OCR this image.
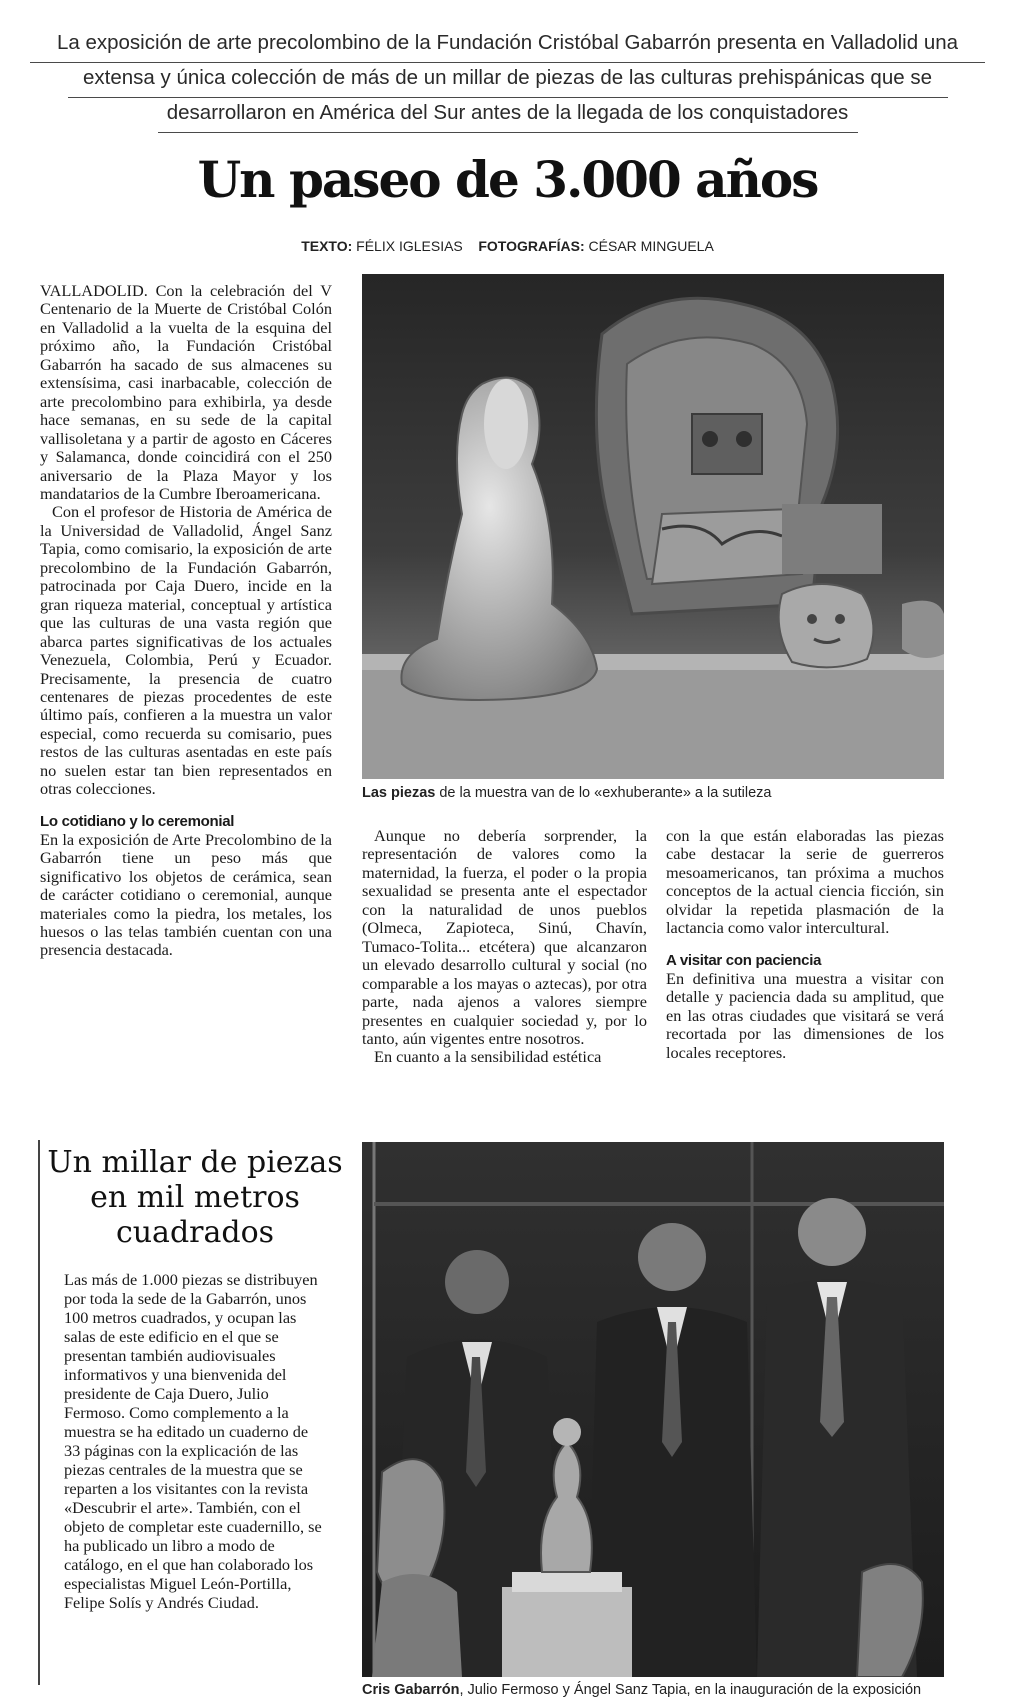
La exposición de arte precolombino de la Fundación Cristóbal Gabarrón presenta en Valladolid una
extensa y única colección de más de un millar de piezas de las culturas prehispánicas que se
desarrollaron en América del Sur antes de la llegada de los conquistadores
Un paseo de 3.000 años
TEXTO: FÉLIX IGLESIAS FOTOGRAFÍAS: CÉSAR MINGUELA

VALLADOLID. Con la celebración del V Centenario de la Muerte de Cristóbal Colón en Valladolid a la vuelta de la esquina del próximo año, la Fundación Cristóbal Gabarrón ha sacado de sus almacenes su extensísima, casi inarbacable, colección de arte precolombino para exhibirla, ya desde hace semanas, en su sede de la capital vallisoletana y a partir de agosto en Cáceres y Salamanca, donde coincidirá con el 250 aniversario de la Plaza Mayor y los mandatarios de la Cumbre Iberoamericana.

Con el profesor de Historia de América de la Universidad de Valladolid, Ángel Sanz Tapia, como comisario, la exposición de arte precolombino de la Fundación Gabarrón, patrocinada por Caja Duero, incide en la gran riqueza material, conceptual y artística que las culturas de una vasta región que abarca partes significativas de los actuales Venezuela, Colombia, Perú y Ecuador. Precisamente, la presencia de cuatro centenares de piezas procedentes de este último país, confieren a la muestra un valor especial, como recuerda su comisario, pues restos de las culturas asentadas en este país no suelen estar tan bien representados en otras colecciones.

Lo cotidiano y lo ceremonial

En la exposición de Arte Precolombino de la Gabarrón tiene un peso más que significativo los objetos de cerámica, sean de carácter cotidiano o ceremonial, aunque materiales como la piedra, los metales, los huesos o las telas también cuentan con una presencia destacada.

Las piezas de la muestra van de lo «exhuberante» a la sutileza

Aunque no debería sorprender, la representación de valores como la maternidad, la fuerza, el poder o la propia sexualidad se presenta ante el espectador con la naturalidad de unos pueblos (Olmeca, Zapioteca, Sinú, Chavín, Tumaco-Tolita... etcétera) que alcanzaron un elevado desarrollo cultural y social (no comparable a los mayas o aztecas), por otra parte, nada ajenos a valores siempre presentes en cualquier sociedad y, por lo tanto, aún vigentes entre nosotros.

En cuanto a la sensibilidad estética

con la que están elaboradas las piezas cabe destacar la serie de guerreros mesoamericanos, tan próxima a muchos conceptos de la actual ciencia ficción, sin olvidar la repetida plasmación de la lactancia como valor intercultural.

A visitar con paciencia

En definitiva una muestra a visitar con detalle y paciencia dada su amplitud, que en las otras ciudades que visitará se verá recortada por las dimensiones de los locales receptores.

Un millar de piezas en mil metros cuadrados
Las más de 1.000 piezas se distribuyen por toda la sede de la Gabarrón, unos 100 metros cuadrados, y ocupan las salas de este edificio en el que se presentan también audiovisuales informativos y una bienvenida del presidente de Caja Duero, Julio Fermoso. Como complemento a la muestra se ha editado un cuaderno de 33 páginas con la explicación de las piezas centrales de la muestra que se reparten a los visitantes con la revista «Descubrir el arte». También, con el objeto de completar este cuadernillo, se ha publicado un libro a modo de catálogo, en el que han colaborado los especialistas Miguel León-Portilla, Felipe Solís y Andrés Ciudad.
Cris Gabarrón, Julio Fermoso y Ángel Sanz Tapia, en la inauguración de la exposición
